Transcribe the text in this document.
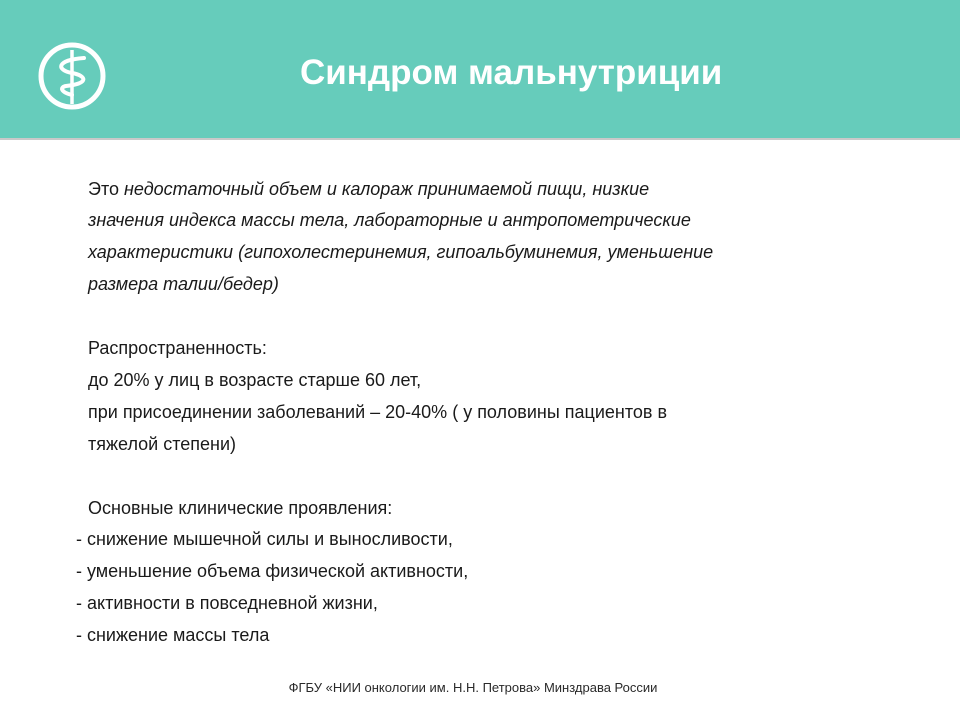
Синдром мальнутриции
Это недостаточный объем и калораж принимаемой пищи, низкие
значения индекса массы тела, лабораторные и антропометрические
характеристики (гипохолестеринемия, гипоальбуминемия, уменьшение
размера талии/бедер)
Распространенность:
до 20% у лиц в возрасте старше 60 лет,
при присоединении заболеваний – 20-40% ( у половины пациентов в
тяжелой степени)
Основные клинические проявления:
- снижение мышечной силы и выносливости,
- уменьшение объема физической активности,
- активности в повседневной жизни,
- снижение массы тела
ФГБУ «НИИ онкологии им. Н.Н. Петрова» Минздрава России
